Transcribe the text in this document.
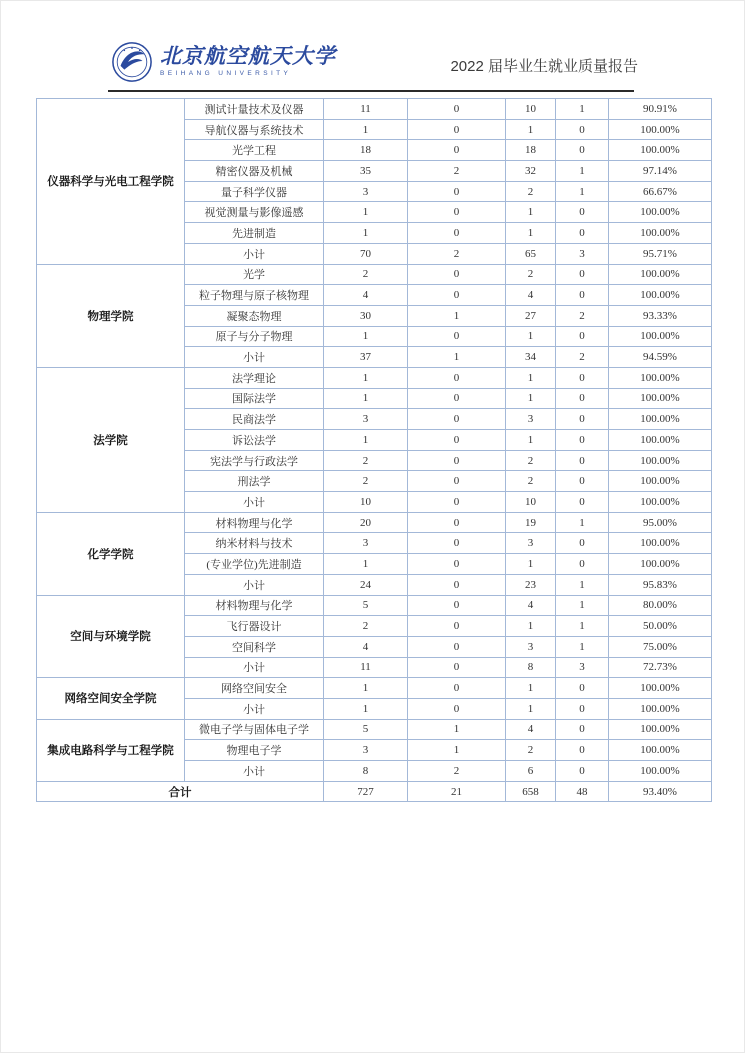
北京航空航天大学
BEIHANG UNIVERSITY	2022 届毕业生就业质量报告
仪器科学与光电工程学院	测试计量技术及仪器	11	0	10	1	90.91%
	导航仪器与系统技术	1	0	1	0	100.00%
	光学工程	18	0	18	0	100.00%
	精密仪器及机械	35	2	32	1	97.14%
	量子科学仪器	3	0	2	1	66.67%
	视觉测量与影像遥感	1	0	1	0	100.00%
	先进制造	1	0	1	0	100.00%
	小计	70	2	65	3	95.71%
物理学院	光学	2	0	2	0	100.00%
	粒子物理与原子核物理	4	0	4	0	100.00%
	凝聚态物理	30	1	27	2	93.33%
	原子与分子物理	1	0	1	0	100.00%
	小计	37	1	34	2	94.59%
法学院	法学理论	1	0	1	0	100.00%
	国际法学	1	0	1	0	100.00%
	民商法学	3	0	3	0	100.00%
	诉讼法学	1	0	1	0	100.00%
	宪法学与行政法学	2	0	2	0	100.00%
	刑法学	2	0	2	0	100.00%
	小计	10	0	10	0	100.00%
化学学院	材料物理与化学	20	0	19	1	95.00%
	纳米材料与技术	3	0	3	0	100.00%
	(专业学位)先进制造	1	0	1	0	100.00%
	小计	24	0	23	1	95.83%
空间与环境学院	材料物理与化学	5	0	4	1	80.00%
	飞行器设计	2	0	1	1	50.00%
	空间科学	4	0	3	1	75.00%
	小计	11	0	8	3	72.73%
网络空间安全学院	网络空间安全	1	0	1	0	100.00%
	小计	1	0	1	0	100.00%
集成电路科学与工程学院	微电子学与固体电子学	5	1	4	0	100.00%
	物理电子学	3	1	2	0	100.00%
	小计	8	2	6	0	100.00%
合计		727	21	658	48	93.40%
